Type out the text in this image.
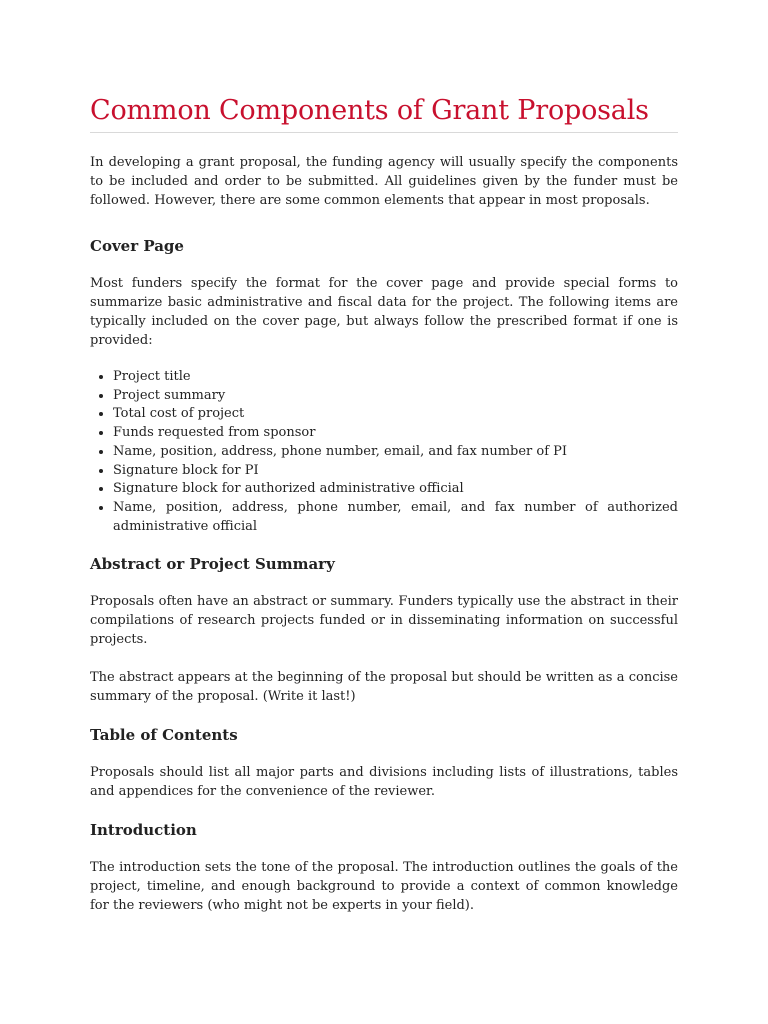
Common Components of Grant Proposals

In developing a grant proposal, the funding agency will usually specify the components to be included and order to be submitted. All guidelines given by the funder must be followed. However, there are some common elements that appear in most proposals.

Cover Page

Most funders specify the format for the cover page and provide special forms to summarize basic administrative and fiscal data for the project. The following items are typically included on the cover page, but always follow the prescribed format if one is provided:

• Project title
• Project summary
• Total cost of project
• Funds requested from sponsor
• Name, position, address, phone number, email, and fax number of PI
• Signature block for PI
• Signature block for authorized administrative official
• Name, position, address, phone number, email, and fax number of authorized administrative official
Abstract or Project Summary

Proposals often have an abstract or summary. Funders typically use the abstract in their compilations of research projects funded or in disseminating information on successful projects.

The abstract appears at the beginning of the proposal but should be written as a concise summary of the proposal. (Write it last!)

Table of Contents

Proposals should list all major parts and divisions including lists of illustrations, tables and appendices for the convenience of the reviewer.

Introduction

The introduction sets the tone of the proposal. The introduction outlines the goals of the project, timeline, and enough background to provide a context of common knowledge for the reviewers (who might not be experts in your field).
